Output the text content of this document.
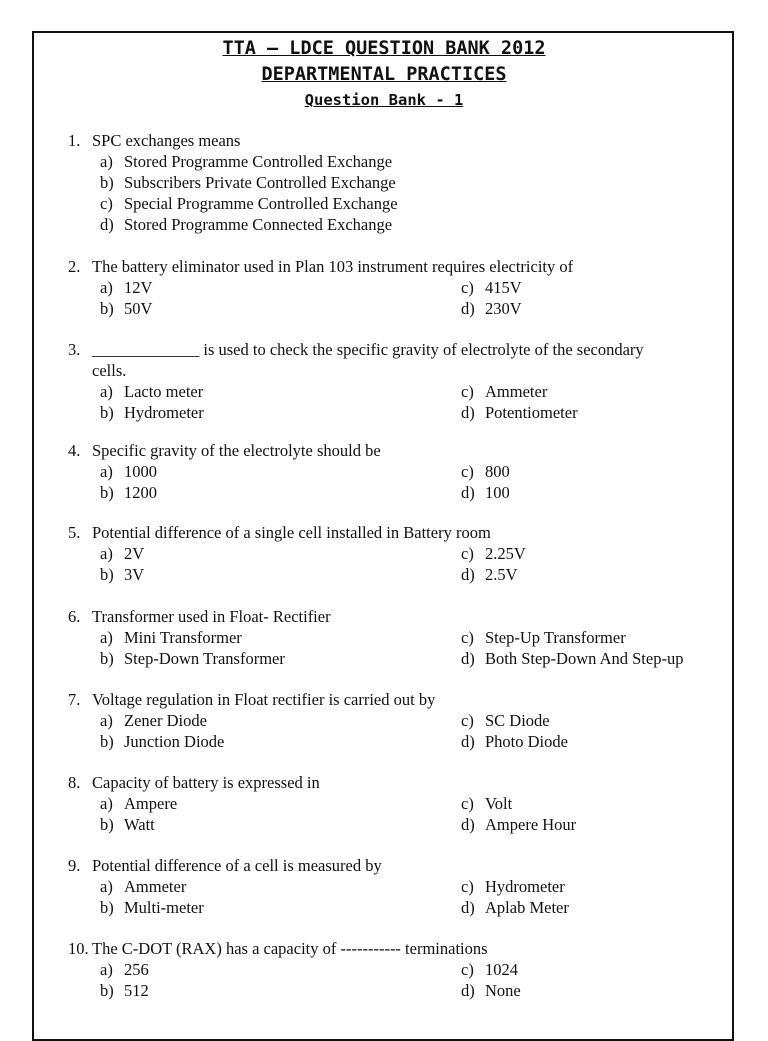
TTA – LDCE QUESTION BANK 2012
DEPARTMENTAL PRACTICES
Question Bank - 1
1. SPC exchanges means
a) Stored Programme Controlled Exchange
b) Subscribers Private Controlled Exchange
c) Special Programme Controlled Exchange
d) Stored Programme Connected Exchange
2. The battery eliminator used in Plan 103 instrument requires electricity of
a) 12V	c) 415V
b) 50V	d) 230V
3. _____________ is used to check the specific gravity of electrolyte of the secondary
cells.
a) Lacto meter	c) Ammeter
b) Hydrometer	d) Potentiometer
4. Specific gravity of the electrolyte should be
a) 1000	c) 800
b) 1200	d) 100
5. Potential difference of a single cell installed in Battery room
a) 2V	c) 2.25V
b) 3V	d) 2.5V
6. Transformer used in Float- Rectifier
a) Mini Transformer	c) Step-Up Transformer
b) Step-Down Transformer	d) Both Step-Down And Step-up
7. Voltage regulation in Float rectifier is carried out by
a) Zener Diode	c) SC Diode
b) Junction Diode	d) Photo Diode
8. Capacity of battery is expressed in
a) Ampere	c) Volt
b) Watt	d) Ampere Hour
9. Potential difference of a cell is measured by
a) Ammeter	c) Hydrometer
b) Multi-meter	d) Aplab Meter
10. The C-DOT (RAX) has a capacity of ----------- terminations
a) 256	c) 1024
b) 512	d) None
